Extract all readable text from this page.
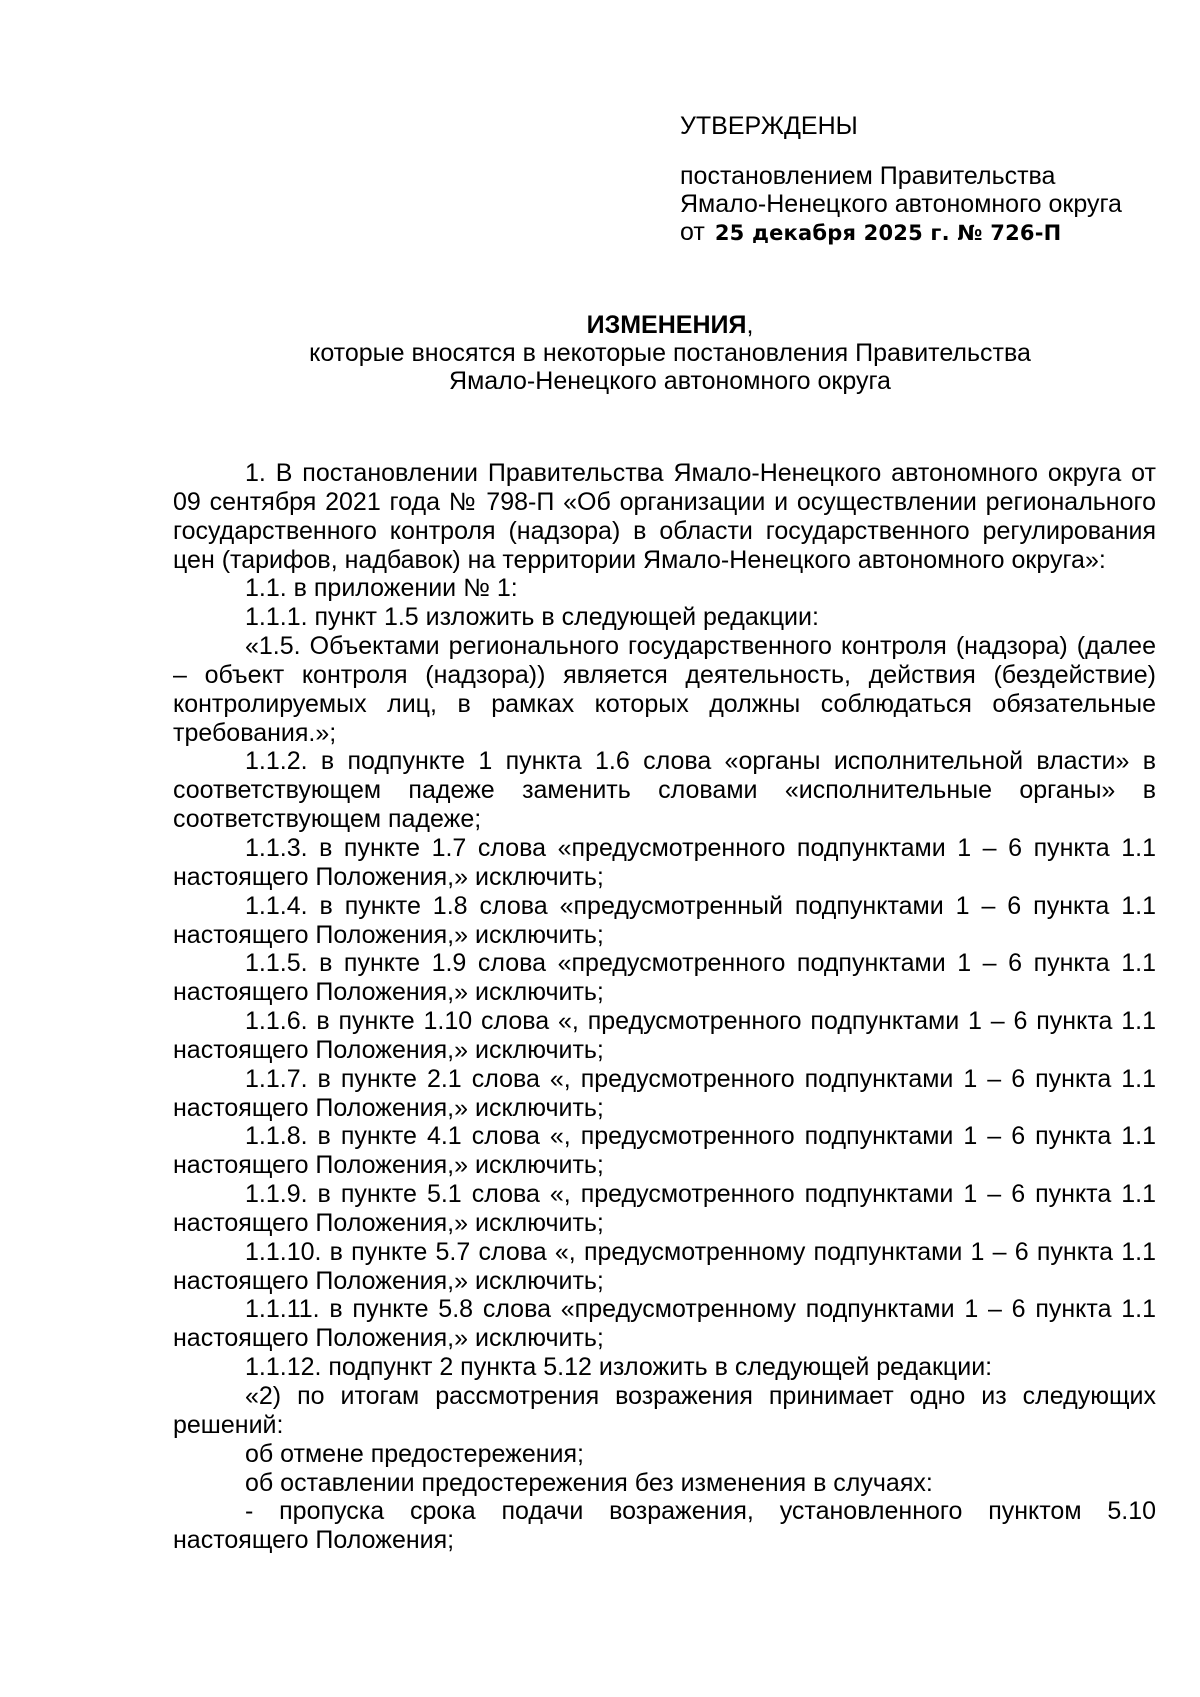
УТВЕРЖДЕНЫ
постановлением Правительства
Ямало-Ненецкого автономного округа
от 25 декабря 2025 г. № 726-П
ИЗМЕНЕНИЯ,
которые вносятся в некоторые постановления Правительства
Ямало-Ненецкого автономного округа

1. В постановлении Правительства Ямало-Ненецкого автономного округа от 09 сентября 2021 года № 798-П «Об организации и осуществлении регионального государственного контроля (надзора) в области государственного регулирования цен (тарифов, надбавок) на территории Ямало-Ненецкого автономного округа»:

1.1. в приложении № 1:

1.1.1. пункт 1.5 изложить в следующей редакции:

«1.5. Объектами регионального государственного контроля (надзора) (далее – объект контроля (надзора)) является деятельность, действия (бездействие) контролируемых лиц, в рамках которых должны соблюдаться обязательные требования.»;

1.1.2. в подпункте 1 пункта 1.6 слова «органы исполнительной власти» в соответствующем падеже заменить словами «исполнительные органы» в соответствующем падеже;

1.1.3. в пункте 1.7 слова «предусмотренного подпунктами 1 – 6 пункта 1.1 настоящего Положения,» исключить;

1.1.4. в пункте 1.8 слова «предусмотренный подпунктами 1 – 6 пункта 1.1 настоящего Положения,» исключить;

1.1.5. в пункте 1.9 слова «предусмотренного подпунктами 1 – 6 пункта 1.1 настоящего Положения,» исключить;

1.1.6. в пункте 1.10 слова «, предусмотренного подпунктами 1 – 6 пункта 1.1 настоящего Положения,» исключить;

1.1.7. в пункте 2.1 слова «, предусмотренного подпунктами 1 – 6 пункта 1.1 настоящего Положения,» исключить;

1.1.8. в пункте 4.1 слова «, предусмотренного подпунктами 1 – 6 пункта 1.1 настоящего Положения,» исключить;

1.1.9. в пункте 5.1 слова «, предусмотренного подпунктами 1 – 6 пункта 1.1 настоящего Положения,» исключить;

1.1.10. в пункте 5.7 слова «, предусмотренному подпунктами 1 – 6 пункта 1.1 настоящего Положения,» исключить;

1.1.11. в пункте 5.8 слова «предусмотренному подпунктами 1 – 6 пункта 1.1 настоящего Положения,» исключить;

1.1.12. подпункт 2 пункта 5.12 изложить в следующей редакции:

«2) по итогам рассмотрения возражения принимает одно из следующих решений:

об отмене предостережения;

об оставлении предостережения без изменения в случаях:

- пропуска срока подачи возражения, установленного пунктом 5.10 настоящего Положения;
